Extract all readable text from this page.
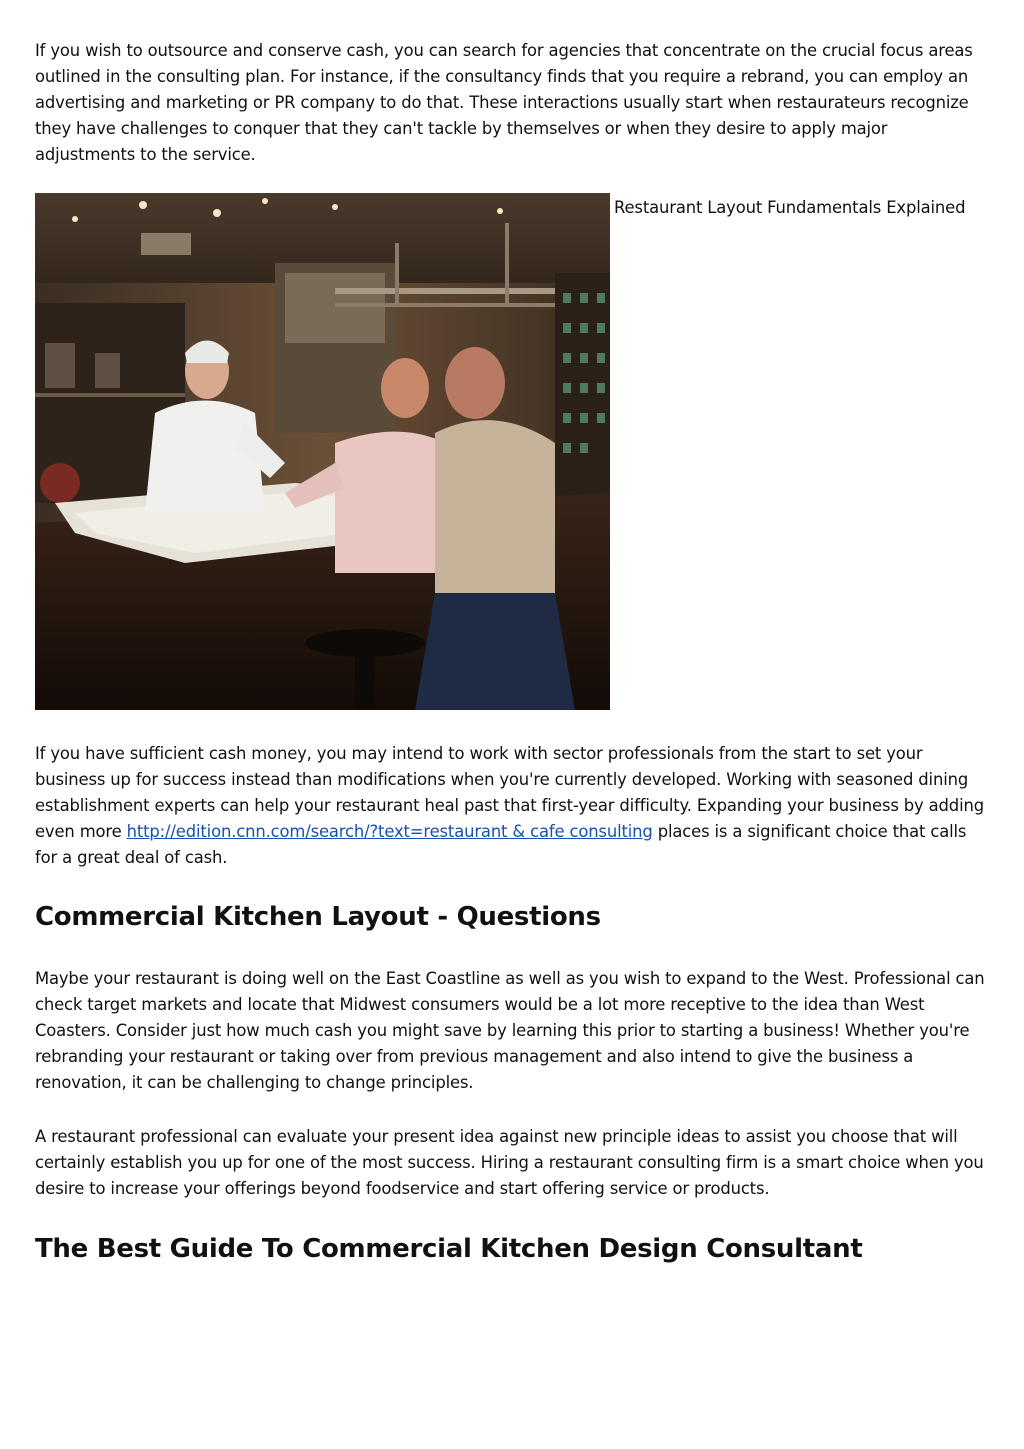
If you wish to outsource and conserve cash, you can search for agencies that concentrate on the crucial focus areas outlined in the consulting plan. For instance, if the consultancy finds that you require a rebrand, you can employ an advertising and marketing or PR company to do that. These interactions usually start when restaurateurs recognize they have challenges to conquer that they can't tackle by themselves or when they desire to apply major adjustments to the service.

Restaurant Layout Fundamentals Explained

If you have sufficient cash money, you may intend to work with sector professionals from the start to set your business up for success instead than modifications when you're currently developed. Working with seasoned dining establishment experts can help your restaurant heal past that first-year difficulty. Expanding your business by adding even more http://edition.cnn.com/search/?text=restaurant & cafe consulting places is a significant choice that calls for a great deal of cash.

Commercial Kitchen Layout - Questions

Maybe your restaurant is doing well on the East Coastline as well as you wish to expand to the West. Professional can check target markets and locate that Midwest consumers would be a lot more receptive to the idea than West Coasters. Consider just how much cash you might save by learning this prior to starting a business! Whether you're rebranding your restaurant or taking over from previous management and also intend to give the business a renovation, it can be challenging to change principles.

A restaurant professional can evaluate your present idea against new principle ideas to assist you choose that will certainly establish you up for one of the most success. Hiring a restaurant consulting firm is a smart choice when you desire to increase your offerings beyond foodservice and start offering service or products.

The Best Guide To Commercial Kitchen Design Consultant
